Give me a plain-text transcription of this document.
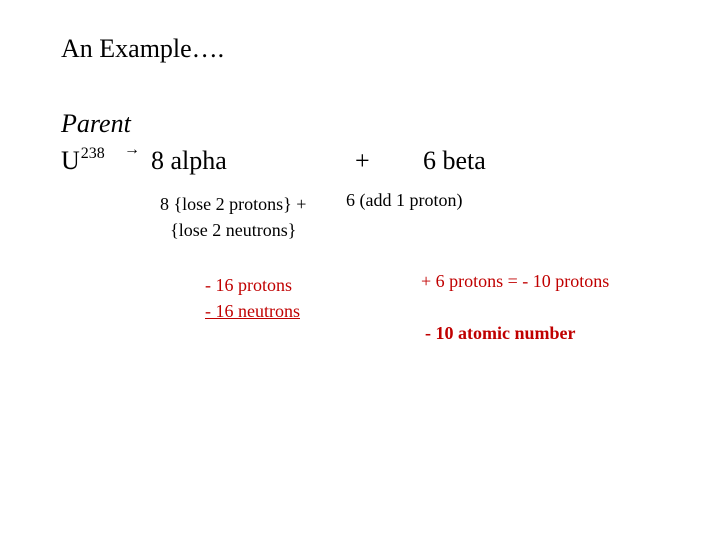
An Example….
Parent
$U^{238} \to 8$ alpha	+ 6 beta
8 {lose 2 protons} +
{lose 2 neutrons}
6 (add 1 proton)
- 16 protons
- 16 neutrons
+ 6 protons = - 10 protons
- 10 atomic number
